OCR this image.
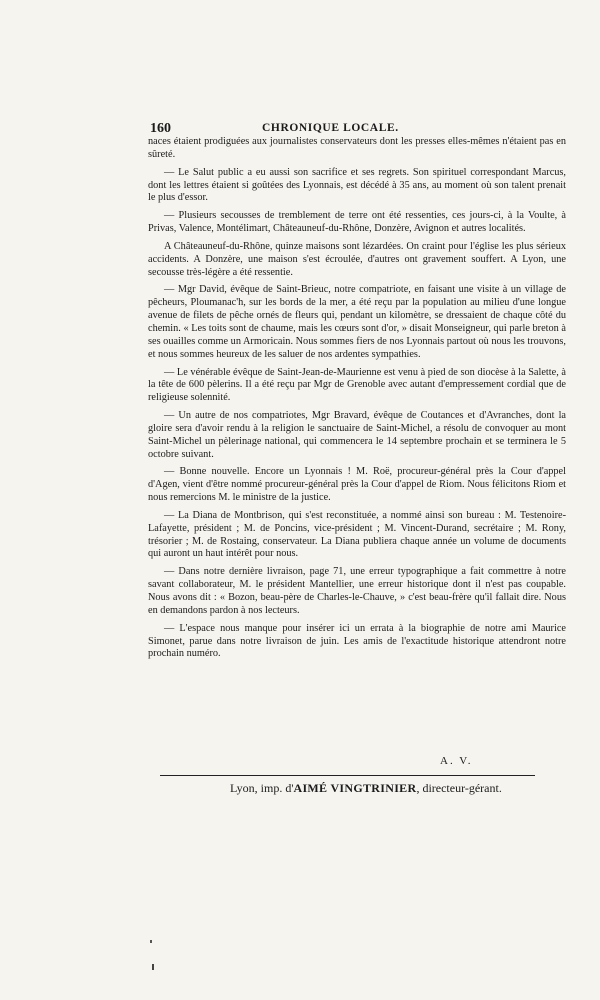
160	CHRONIQUE LOCALE.

naces étaient prodiguées aux journalistes conservateurs dont les presses elles-mêmes n'étaient pas en sûreté.

— Le Salut public a eu aussi son sacrifice et ses regrets. Son spirituel correspondant Marcus, dont les lettres étaient si goûtées des Lyonnais, est décédé à 35 ans, au moment où son talent prenait le plus d'essor.

— Plusieurs secousses de tremblement de terre ont été ressenties, ces jours-ci, à la Voulte, à Privas, Valence, Montélimart, Châteauneuf-du-Rhône, Donzère, Avignon et autres localités.

A Châteauneuf-du-Rhône, quinze maisons sont lézardées. On craint pour l'église les plus sérieux accidents. A Donzère, une maison s'est écroulée, d'autres ont gravement souffert. A Lyon, une secousse très-légère a été ressentie.

— Mgr David, évêque de Saint-Brieuc, notre compatriote, en faisant une visite à un village de pêcheurs, Ploumanac'h, sur les bords de la mer, a été reçu par la population au milieu d'une longue avenue de filets de pêche ornés de fleurs qui, pendant un kilomètre, se dressaient de chaque côté du chemin. « Les toits sont de chaume, mais les cœurs sont d'or, » disait Monseigneur, qui parle breton à ses ouailles comme un Armoricain. Nous sommes fiers de nos Lyonnais partout où nous les trouvons, et nous sommes heureux de les saluer de nos ardentes sympathies.

— Le vénérable évêque de Saint-Jean-de-Maurienne est venu à pied de son diocèse à la Salette, à la tête de 600 pèlerins. Il a été reçu par Mgr de Grenoble avec autant d'empressement cordial que de religieuse solennité.

— Un autre de nos compatriotes, Mgr Bravard, évêque de Coutances et d'Avranches, dont la gloire sera d'avoir rendu à la religion le sanctuaire de Saint-Michel, a résolu de convoquer au mont Saint-Michel un pèlerinage national, qui commencera le 14 septembre prochain et se terminera le 5 octobre suivant.

— Bonne nouvelle. Encore un Lyonnais ! M. Roë, procureur-général près la Cour d'appel d'Agen, vient d'être nommé procureur-général près la Cour d'appel de Riom. Nous félicitons Riom et nous remercions M. le ministre de la justice.

— La Diana de Montbrison, qui s'est reconstituée, a nommé ainsi son bureau : M. Testenoire-Lafayette, président ; M. de Poncins, vice-président ; M. Vincent-Durand, secrétaire ; M. Rony, trésorier ; M. de Rostaing, conservateur. La Diana publiera chaque année un volume de documents qui auront un haut intérêt pour nous.

— Dans notre dernière livraison, page 71, une erreur typographique a fait commettre à notre savant collaborateur, M. le président Mantellier, une erreur historique dont il n'est pas coupable. Nous avons dit : « Bozon, beau-père de Charles-le-Chauve, » c'est beau-frère qu'il fallait dire. Nous en demandons pardon à nos lecteurs.

— L'espace nous manque pour insérer ici un errata à la biographie de notre ami Maurice Simonet, parue dans notre livraison de juin. Les amis de l'exactitude historique attendront notre prochain numéro.

A. V.
Lyon, imp. d'AIMÉ VINGTRINIER, directeur-gérant.
